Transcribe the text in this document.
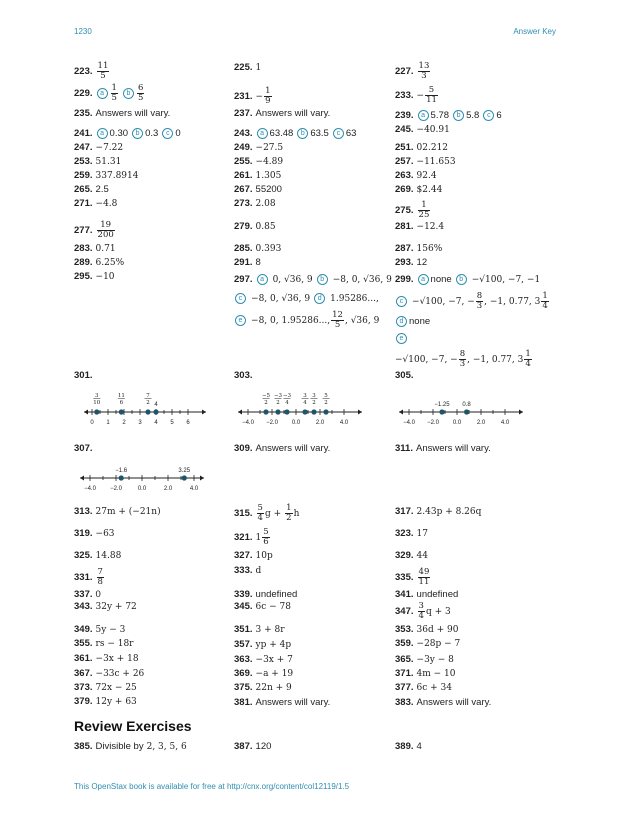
1230	Answer Key
223. $\frac{11}{5}$
229. a $\frac{1}{5}$ b $\frac{6}{5}$
235. Answers will vary.
241. a 0.30 b 0.3 c 0
247. −7.22
253. 51.31
259. 337.8914
265. 2.5
271. −4.8
277. $\frac{19}{200}$
283. 0.71
289. 6.25%
295. −10
225. 1
231. − $\frac{1}{9}$
237. Answers will vary.
243. a 63.48 b 63.5 c 63
249. −27.5
255. −4.89
261. 1.305
267. 55200
273. 2.08
279. 0.85
285. 0.393
291. 8
297. a 0, √36, 9 b −8, 0, √36, 9
c −8, 0, √36, 9 d 1.95286...,
e −8, 0, 1.95286..., $\frac{12}{5}$ , √36, 9
227. $\frac{13}{3}$
233. − $\frac{5}{11}$
239. a 5.78 b 5.8 c 6
245. −40.91
251. 02.212
257. −11.653
263. 92.4
269. $2.44
275. $\frac{1}{25}$
281. −12.4
287. 156%
293. 12
299. a none b −√100, −7, −1
c −√100, −7, − $\frac{8}{3}$ , −1, 0.77, $3 \frac{1}{4}$
d none
e
−√100, −7, − $\frac{8}{3}$ , −1, 0.77, $3 \frac{1}{4}$
301.	303.	305.
0 1 2 3 4 5 6
3
10
11
6
7
2 4
−4.0 −2.0 0.0	2.0	4.0
−5
2
−3
2
−3
4
3
4
3
2
5
2
−4.0 −2.0 0.0	2.0	4.0
−1.25 0.8
307.	309. Answers will vary.	311. Answers will vary.
−4.0 −2.0	0.0	2.0	4.0
−1.6	3.25
313. 27m + (−21n)	315. $\frac{5}{4}$ $g + \frac{1}{2}$ h	317. 2.43p + 8.26q
319. −63	321. $1 \frac{5}{6}$	323. 17
325. 14.88	327. 10p	329. 44
331. $\frac{7}{8}$	333. d
335. $\frac{49}{11}$
337. 0	339. undefined	341. undefined
343. 32y + 72	345. 6c − 78	347. $\frac{3}{4}$ q + 3
349. 5y − 3	351. 3 + 8r	353. 36d + 90
355. rs − 18r	357. yp + 4p	359. −28p − 7
361. −3x + 18	363. −3x + 7	365. −3y − 8
367. −33c + 26	369. −a + 19	371. 4m − 10
373. 72x − 25	375. 22n + 9	377. 6c + 34
379. 12y + 63	381. Answers will vary.	383. Answers will vary.
Review Exercises
385. Divisible by 2, 3, 5, 6	387. 120	389. 4
This OpenStax book is available for free at http://cnx.org/content/col12119/1.5
